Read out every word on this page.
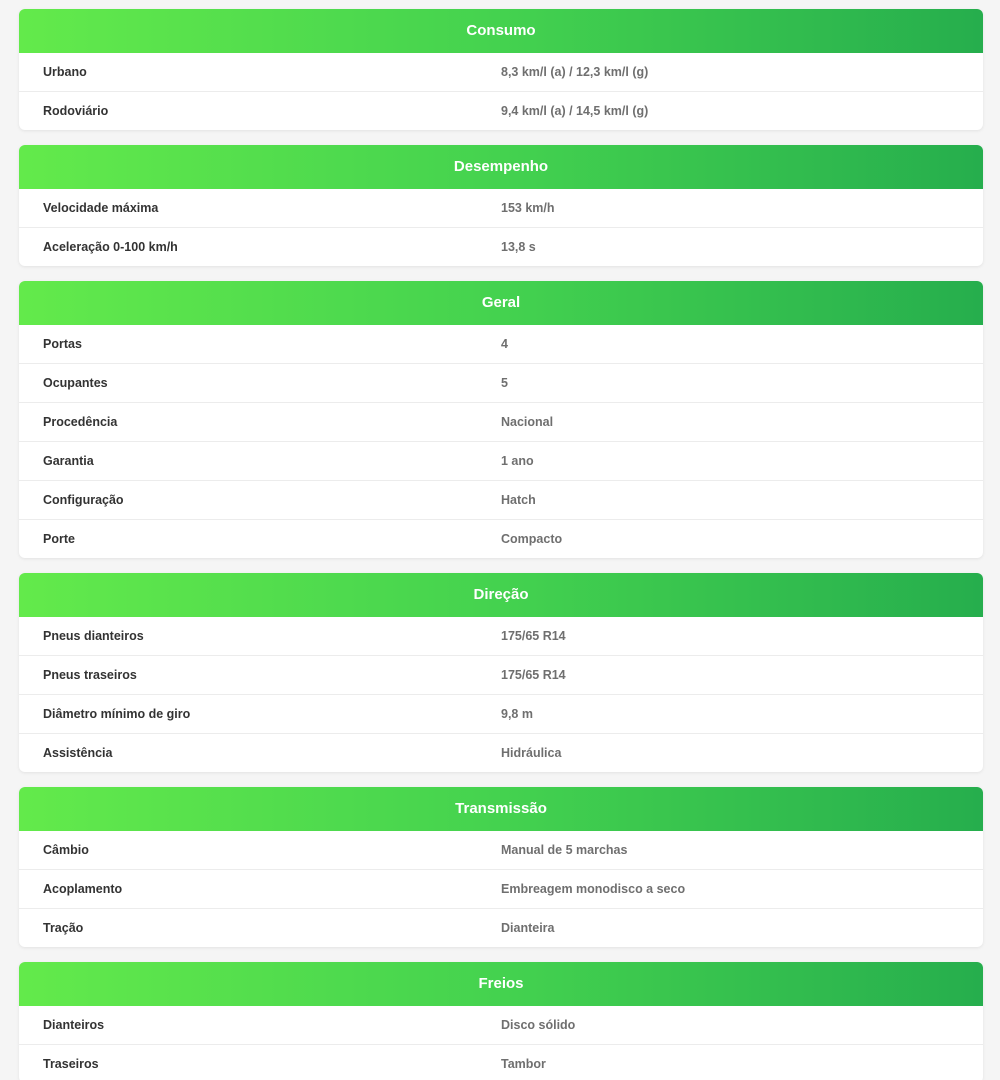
Consumo
Urbano	8,3 km/l (a) / 12,3 km/l (g)
Rodoviário	9,4 km/l (a) / 14,5 km/l (g)
Desempenho
Velocidade máxima	153 km/h
Aceleração 0-100 km/h	13,8 s
Geral
Portas	4
Ocupantes	5
Procedência	Nacional
Garantia	1 ano
Configuração	Hatch
Porte	Compacto
Direção
Pneus dianteiros	175/65 R14
Pneus traseiros	175/65 R14
Diâmetro mínimo de giro	9,8 m
Assistência	Hidráulica
Transmissão
Câmbio	Manual de 5 marchas
Acoplamento	Embreagem monodisco a seco
Tração	Dianteira
Freios
Dianteiros	Disco sólido
Traseiros	Tambor
